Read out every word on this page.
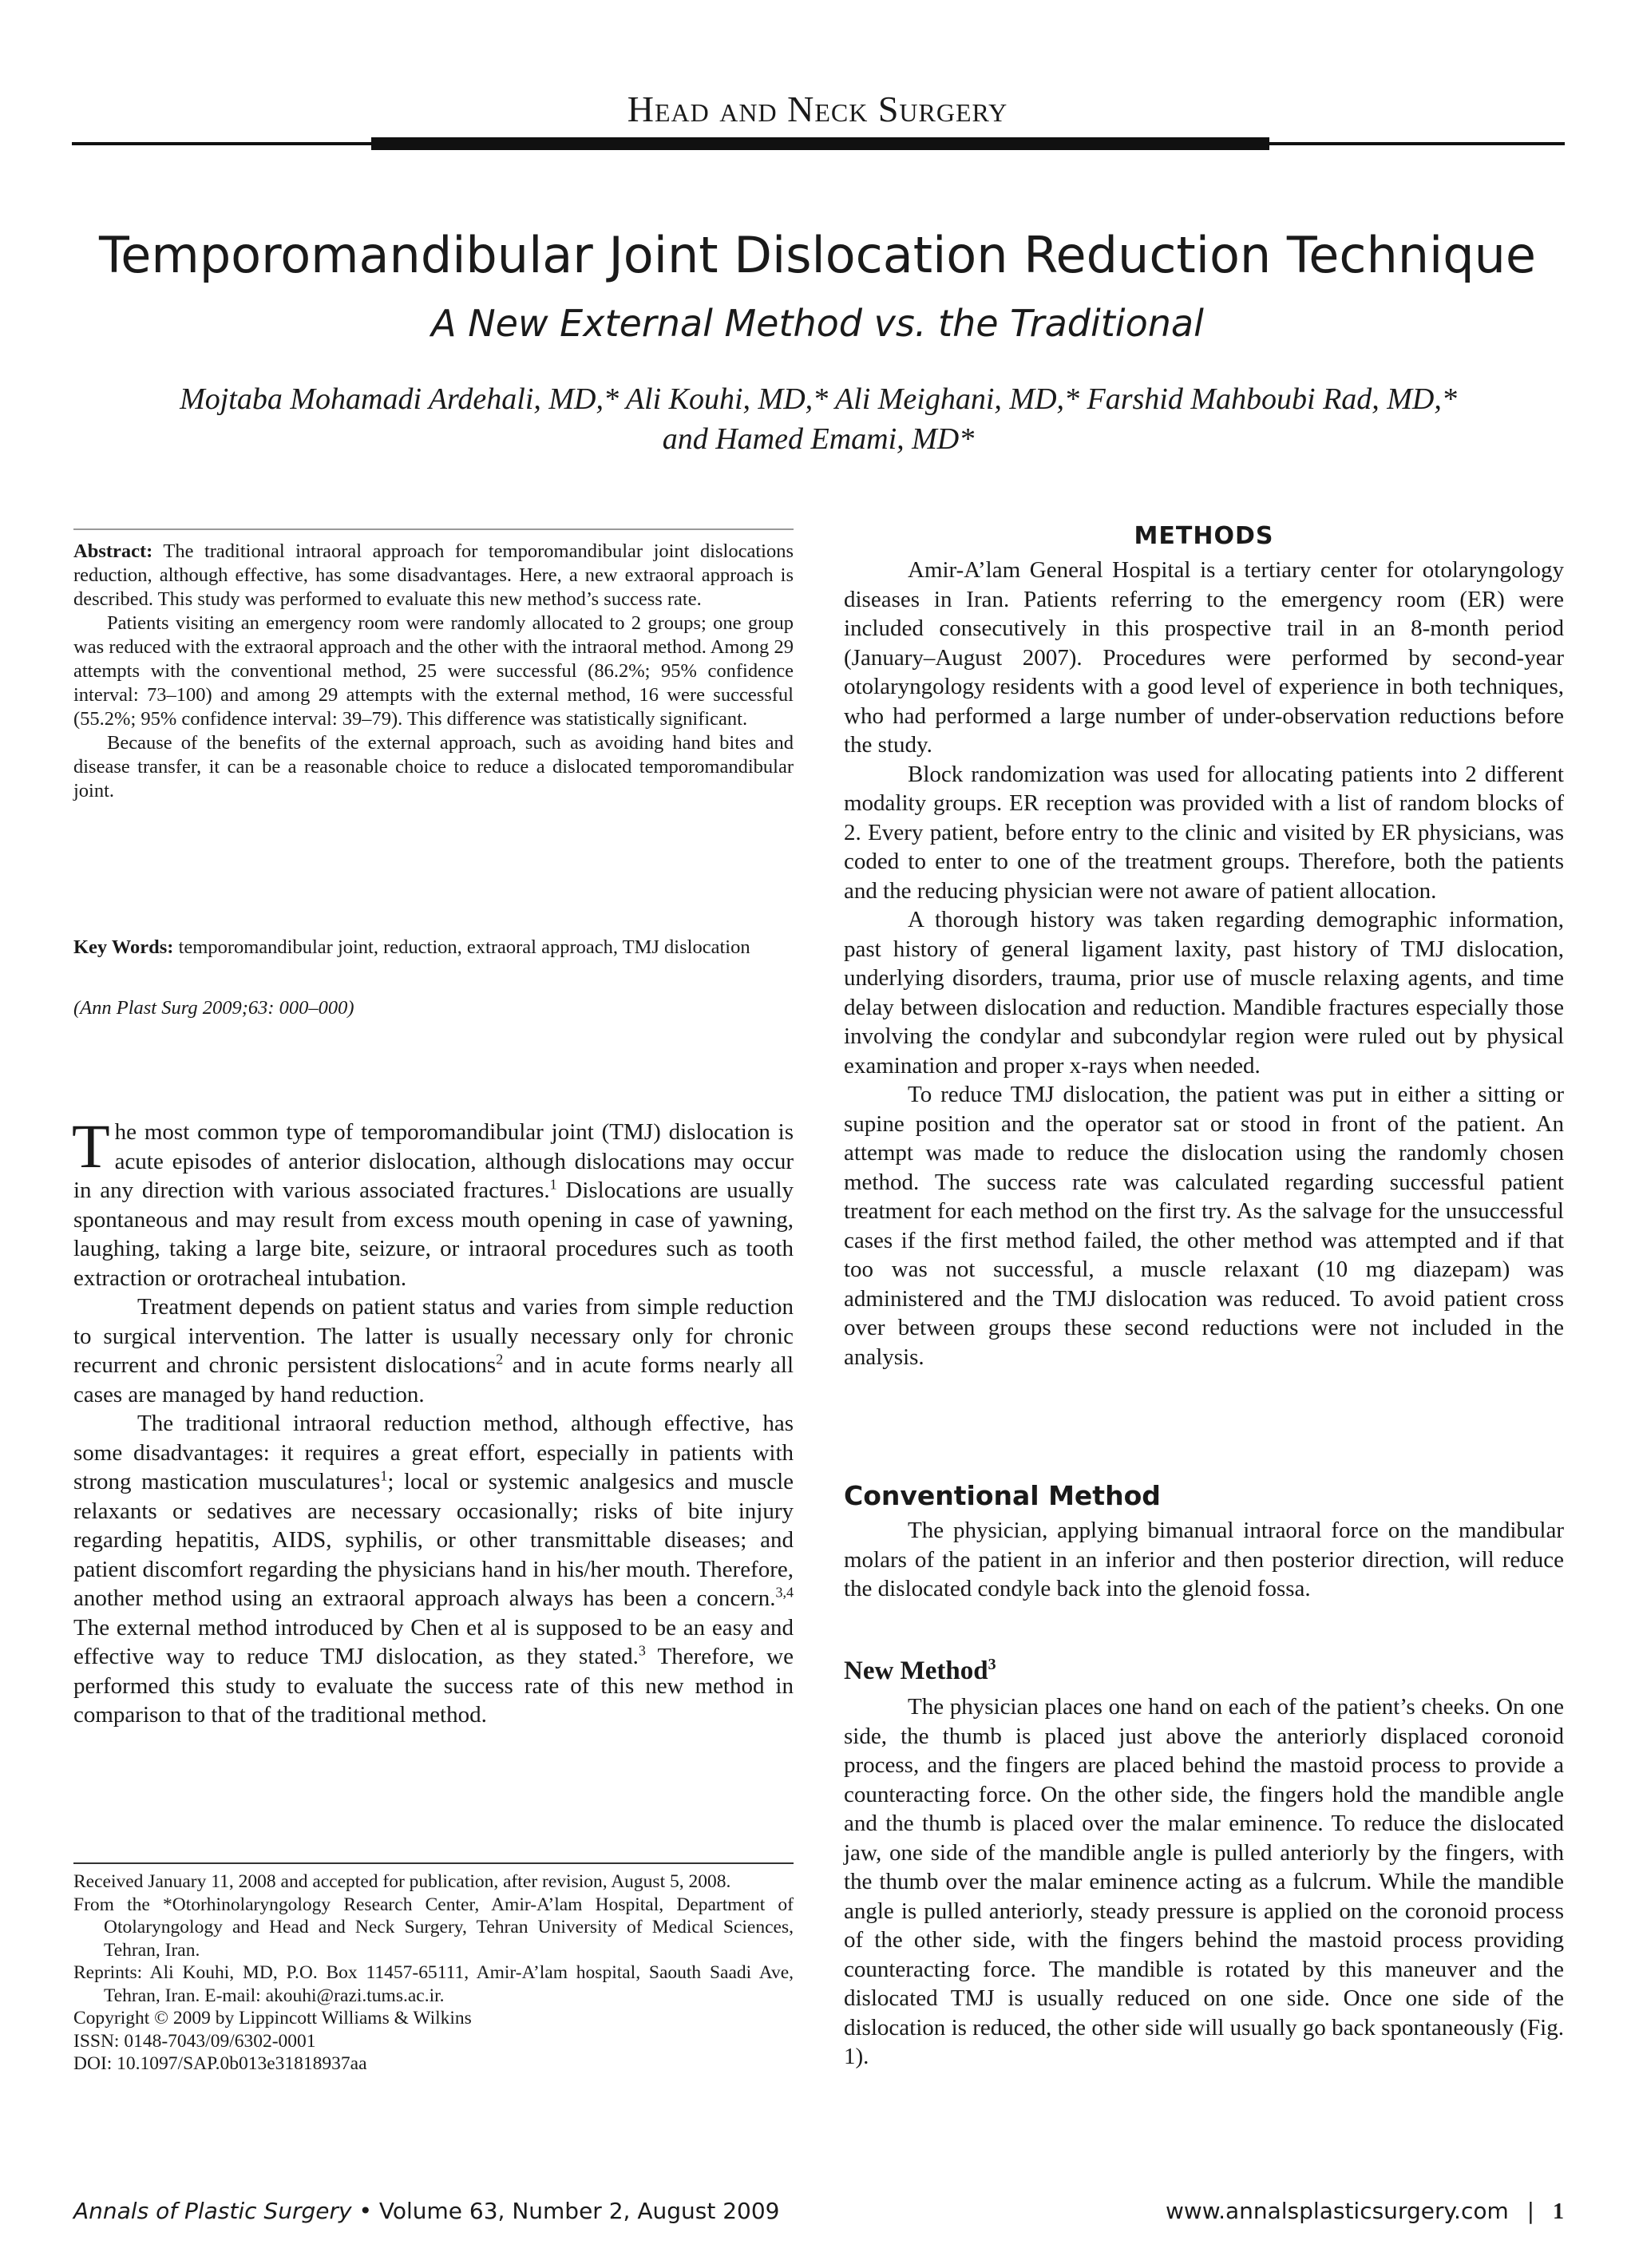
Head and Neck Surgery
Temporomandibular Joint Dislocation Reduction Technique
A New External Method vs. the Traditional
Mojtaba Mohamadi Ardehali, MD,* Ali Kouhi, MD,* Ali Meighani, MD,* Farshid Mahboubi Rad, MD,*
and Hamed Emami, MD*

Abstract: The traditional intraoral approach for temporomandibular joint dislocations reduction, although effective, has some disadvantages. Here, a new extraoral approach is described. This study was performed to evaluate this new method’s success rate.

Patients visiting an emergency room were randomly allocated to 2 groups; one group was reduced with the extraoral approach and the other with the intraoral method. Among 29 attempts with the conventional method, 25 were successful (86.2%; 95% confidence interval: 73–100) and among 29 attempts with the external method, 16 were successful (55.2%; 95% confidence interval: 39–79). This difference was statistically significant.

Because of the benefits of the external approach, such as avoiding hand bites and disease transfer, it can be a reasonable choice to reduce a dislocated temporomandibular joint.

Key Words: temporomandibular joint, reduction, extraoral approach, TMJ dislocation

(Ann Plast Surg 2009;63: 000–000)

The most common type of temporomandibular joint (TMJ) dislocation is acute episodes of anterior dislocation, although dislocations may occur in any direction with various associated fractures.$^1$ Dislocations are usually spontaneous and may result from excess mouth opening in case of yawning, laughing, taking a large bite, seizure, or intraoral procedures such as tooth extraction or orotracheal intubation.

Treatment depends on patient status and varies from simple reduction to surgical intervention. The latter is usually necessary only for chronic recurrent and chronic persistent dislocations$^2$ and in acute forms nearly all cases are managed by hand reduction.

The traditional intraoral reduction method, although effective, has some disadvantages: it requires a great effort, especially in patients with strong mastication musculatures$^1$; local or systemic analgesics and muscle relaxants or sedatives are necessary occasionally; risks of bite injury regarding hepatitis, AIDS, syphilis, or other transmittable diseases; and patient discomfort regarding the physicians hand in his/her mouth. Therefore, another method using an extraoral approach always has been a concern.$^{3,4}$ The external method introduced by Chen et al is supposed to be an easy and effective way to reduce TMJ dislocation, as they stated.$^3$ Therefore, we performed this study to evaluate the success rate of this new method in comparison to that of the traditional method.

Received January 11, 2008 and accepted for publication, after revision, August 5, 2008.

From the *Otorhinolaryngology Research Center, Amir-A’lam Hospital, Department of Otolaryngology and Head and Neck Surgery, Tehran University of Medical Sciences, Tehran, Iran.

Reprints: Ali Kouhi, MD, P.O. Box 11457-65111, Amir-A’lam hospital, Saouth Saadi Ave, Tehran, Iran. E-mail: akouhi@razi.tums.ac.ir.

Copyright © 2009 by Lippincott Williams & Wilkins

ISSN: 0148-7043/09/6302-0001

DOI: 10.1097/SAP.0b013e31818937aa

METHODS

Amir-A’lam General Hospital is a tertiary center for otolaryngology diseases in Iran. Patients referring to the emergency room (ER) were included consecutively in this prospective trail in an 8-month period (January–August 2007). Procedures were performed by second-year otolaryngology residents with a good level of experience in both techniques, who had performed a large number of under-observation reductions before the study.

Block randomization was used for allocating patients into 2 different modality groups. ER reception was provided with a list of random blocks of 2. Every patient, before entry to the clinic and visited by ER physicians, was coded to enter to one of the treatment groups. Therefore, both the patients and the reducing physician were not aware of patient allocation.

A thorough history was taken regarding demographic information, past history of general ligament laxity, past history of TMJ dislocation, underlying disorders, trauma, prior use of muscle relaxing agents, and time delay between dislocation and reduction. Mandible fractures especially those involving the condylar and subcondylar region were ruled out by physical examination and proper x-rays when needed.

To reduce TMJ dislocation, the patient was put in either a sitting or supine position and the operator sat or stood in front of the patient. An attempt was made to reduce the dislocation using the randomly chosen method. The success rate was calculated regarding successful patient treatment for each method on the first try. As the salvage for the unsuccessful cases if the first method failed, the other method was attempted and if that too was not successful, a muscle relaxant (10 mg diazepam) was administered and the TMJ dislocation was reduced. To avoid patient cross over between groups these second reductions were not included in the analysis.

Conventional Method

The physician, applying bimanual intraoral force on the mandibular molars of the patient in an inferior and then posterior direction, will reduce the dislocated condyle back into the glenoid fossa.

New Method$^3$

The physician places one hand on each of the patient’s cheeks. On one side, the thumb is placed just above the anteriorly displaced coronoid process, and the fingers are placed behind the mastoid process to provide a counteracting force. On the other side, the fingers hold the mandible angle and the thumb is placed over the malar eminence. To reduce the dislocated jaw, one side of the mandible angle is pulled anteriorly by the fingers, with the thumb over the malar eminence acting as a fulcrum. While the mandible angle is pulled anteriorly, steady pressure is applied on the coronoid process of the other side, with the fingers behind the mastoid process providing counteracting force. The mandible is rotated by this maneuver and the dislocated TMJ is usually reduced on one side. Once one side of the dislocation is reduced, the other side will usually go back spontaneously (Fig. 1).

Annals of Plastic Surgery • Volume 63, Number 2, August 2009	www.annalsplasticsurgery.com | 1
